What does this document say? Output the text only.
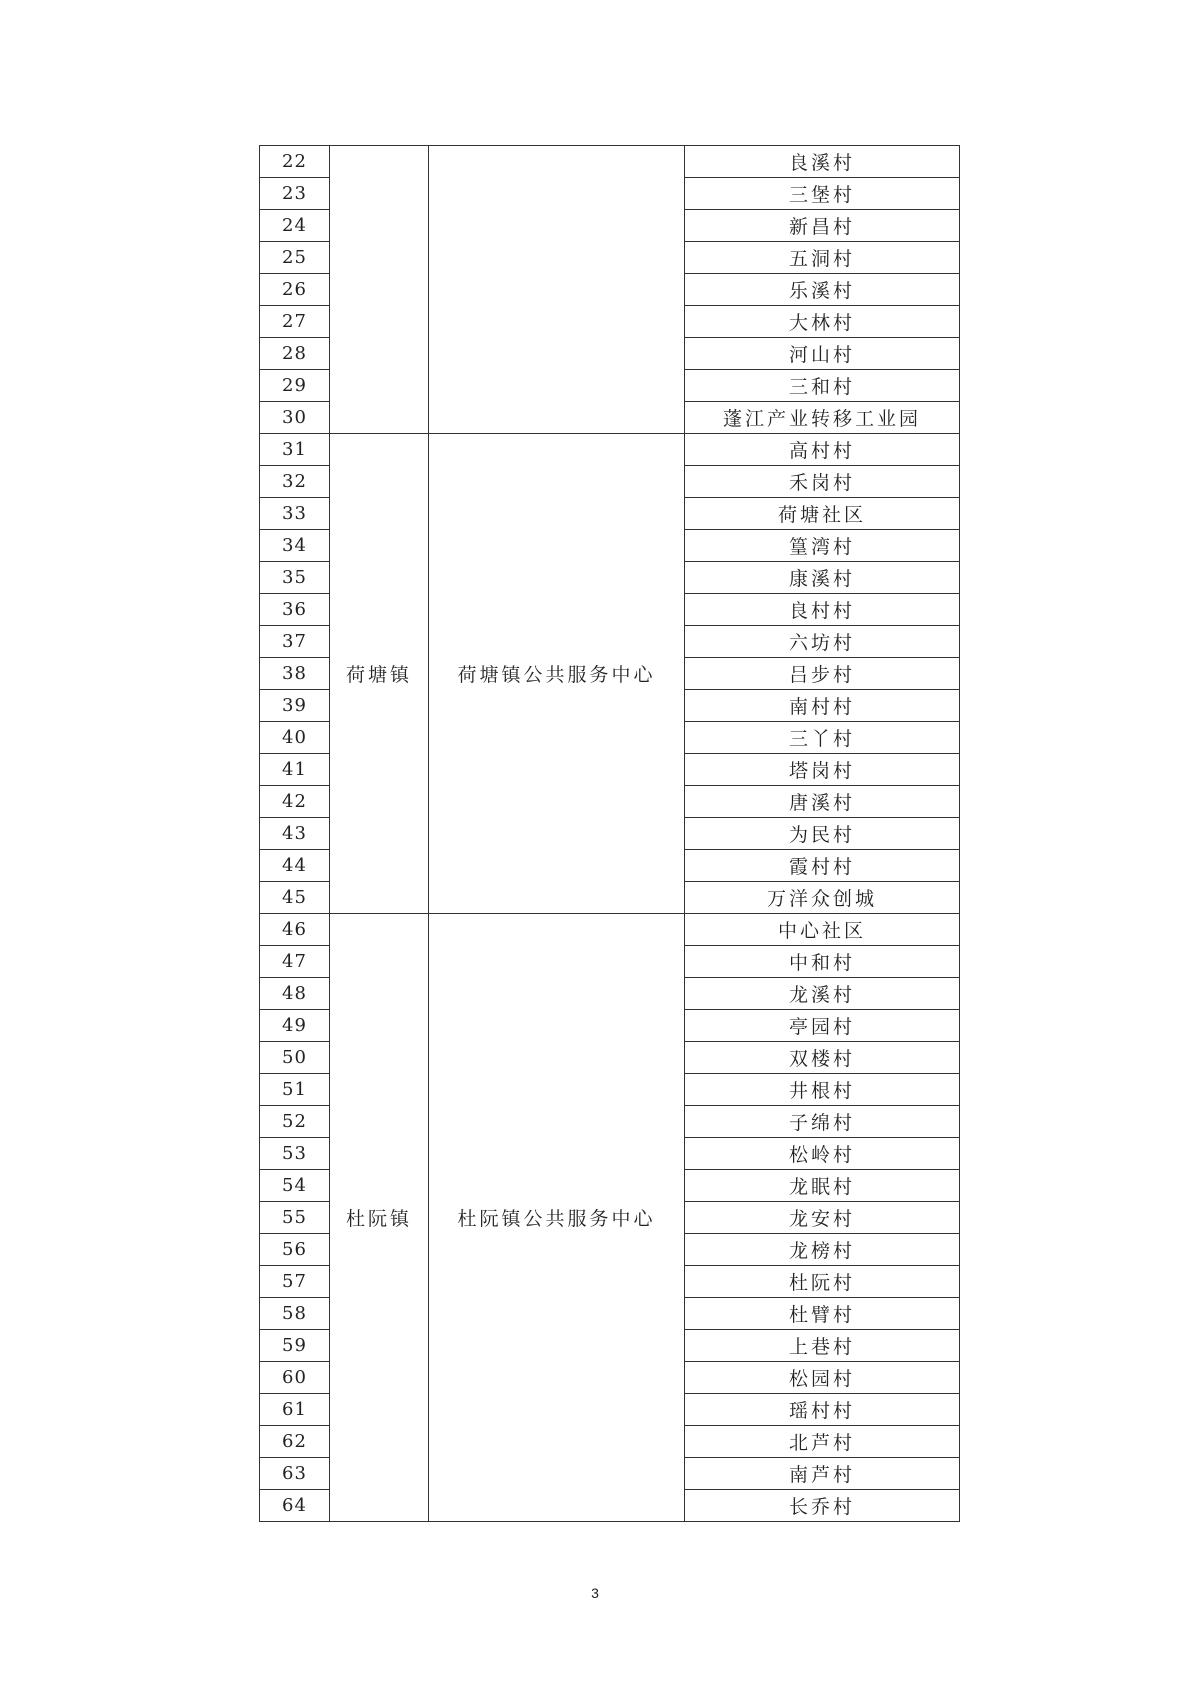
22			良溪村
23			三堡村
24			新昌村
25			五洞村
26			乐溪村
27			大林村
28			河山村
29			三和村
30			蓬江产业转移工业园
31	荷塘镇	荷塘镇公共服务中心	高村村
32			禾岗村
33			荷塘社区
34			篁湾村
35			康溪村
36			良村村
37			六坊村
38			吕步村
39			南村村
40			三丫村
41			塔岗村
42			唐溪村
43			为民村
44			霞村村
45			万洋众创城
46	杜阮镇	杜阮镇公共服务中心	中心社区
47			中和村
48			龙溪村
49			亭园村
50			双楼村
51			井根村
52			子绵村
53			松岭村
54			龙眠村
55			龙安村
56			龙榜村
57			杜阮村
58			杜臂村
59			上巷村
60			松园村
61			瑶村村
62			北芦村
63			南芦村
64			长乔村
3
